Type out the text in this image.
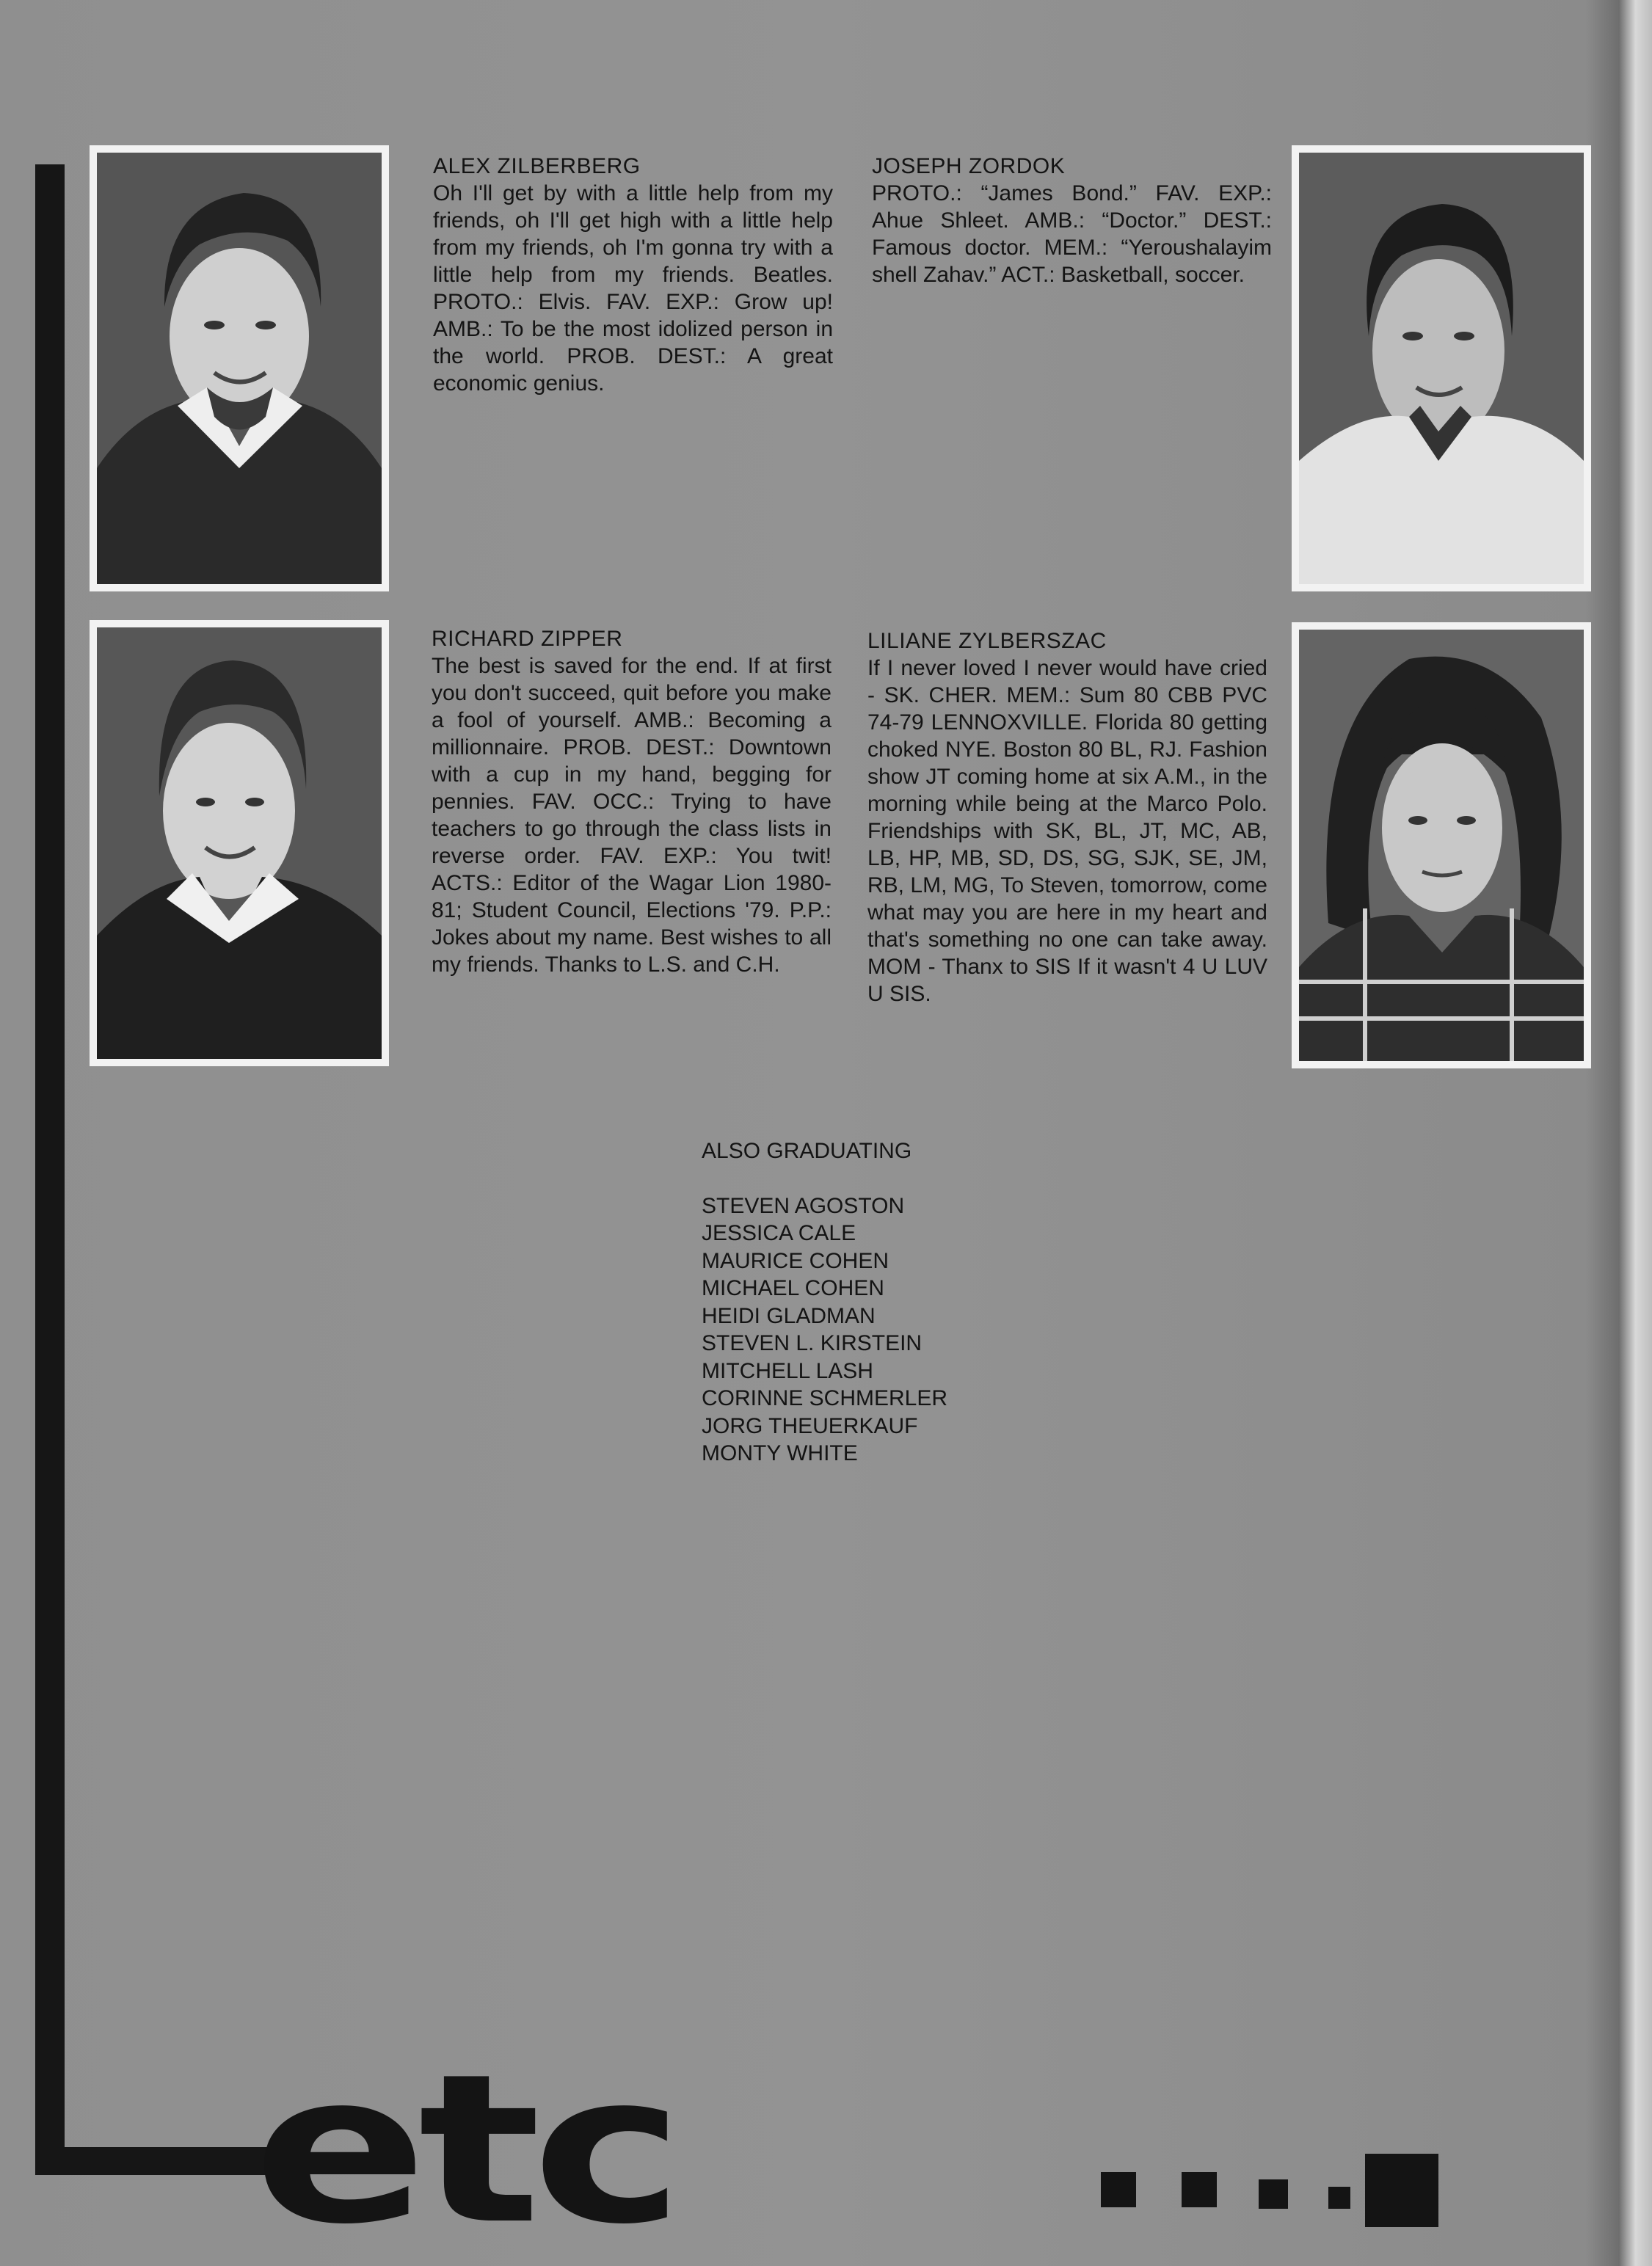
ALEX ZILBERBERG
Oh I'll get by with a little help from my friends, oh I'll get high with a little help from my friends, oh I'm gonna try with a little help from my friends. Beatles. PROTO.: Elvis. FAV. EXP.: Grow up! AMB.: To be the most idolized person in the world. PROB. DEST.: A great economic genius.
JOSEPH ZORDOK
PROTO.: “James Bond.” FAV. EXP.: Ahue Shleet. AMB.: “Doctor.” DEST.: Famous doctor. MEM.: “Yeroushalayim shell Zahav.” ACT.: Basketball, soccer.
RICHARD ZIPPER
The best is saved for the end. If at first you don't succeed, quit before you make a fool of yourself. AMB.: Becoming a millionnaire. PROB. DEST.: Downtown with a cup in my hand, begging for pennies. FAV. OCC.: Trying to have teachers to go through the class lists in reverse order. FAV. EXP.: You twit! ACTS.: Editor of the Wagar Lion 1980-81; Student Council, Elections '79. P.P.: Jokes about my name. Best wishes to all my friends. Thanks to L.S. and C.H.
LILIANE ZYLBERSZAC
If I never loved I never would have cried - SK. CHER. MEM.: Sum 80 CBB PVC 74-79 LENNOXVILLE. Florida 80 getting choked NYE. Boston 80 BL, RJ. Fashion show JT coming home at six A.M., in the morning while being at the Marco Polo. Friendships with SK, BL, JT, MC, AB, LB, HP, MB, SD, DS, SG, SJK, SE, JM, RB, LM, MG, To Steven, tomorrow, come what may you are here in my heart and that's something no one can take away. MOM - Thanx to SIS If it wasn't 4 U LUV U SIS.
ALSO GRADUATING
STEVEN AGOSTON
JESSICA CALE
MAURICE COHEN
MICHAEL COHEN
HEIDI GLADMAN
STEVEN L. KIRSTEIN
MITCHELL LASH
CORINNE SCHMERLER
JORG THEUERKAUF
MONTY WHITE
etc
